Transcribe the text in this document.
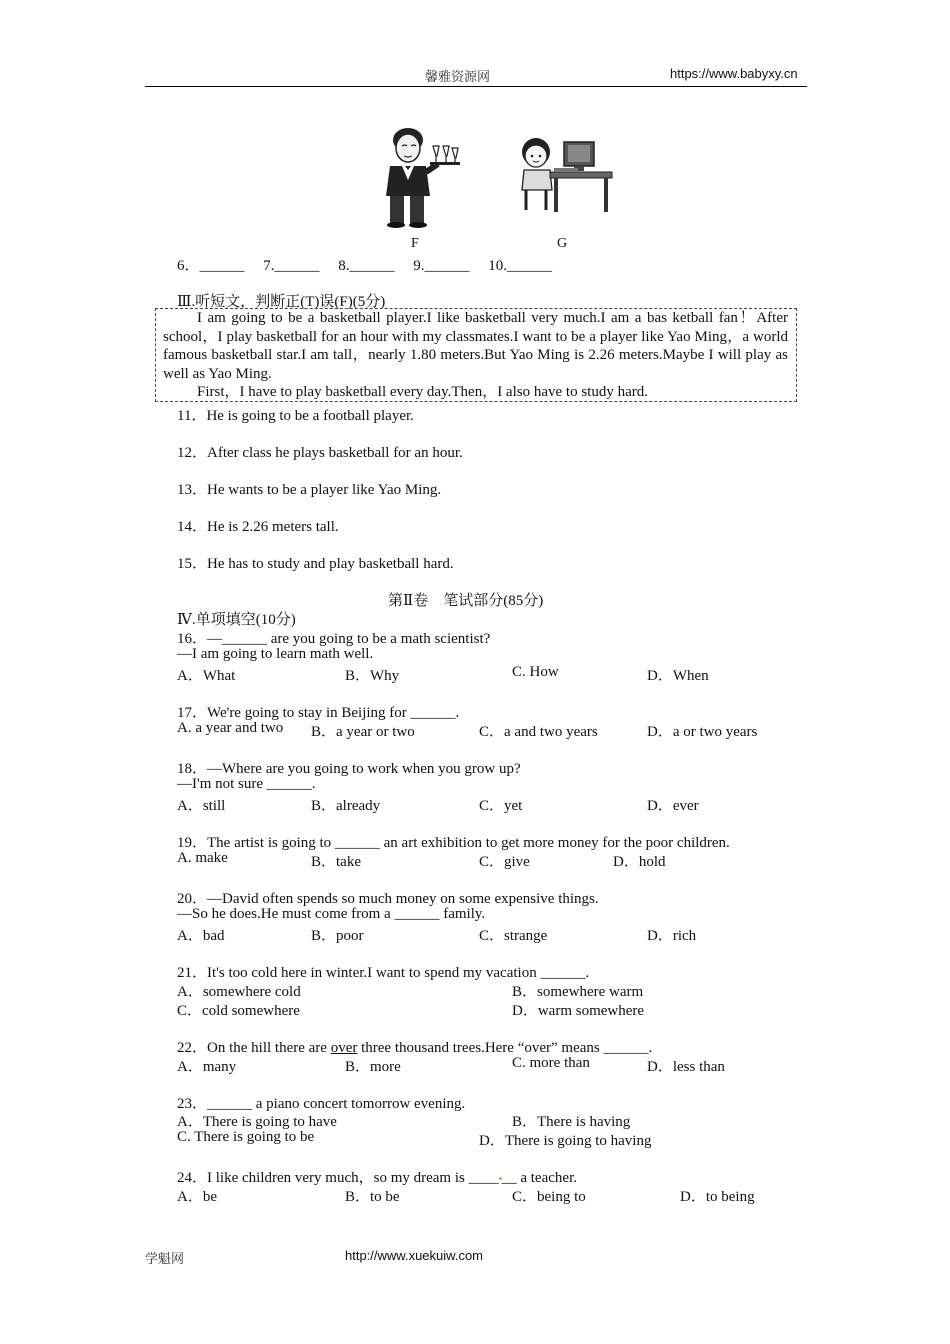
馨雅资源网	https://www.babyxy.cn
F	G
6．______ 7.______ 8.______ 9.______ 10.______
Ⅲ.听短文，判断正(T)误(F)(5分)

I am going to be a basketball player.I like basketball very much.I am a bas ketball fan！After school，I play basketball for an hour with my classmates.I want to be a player like Yao Ming，a world famous basketball star.I am tall，nearly 1.80 meters.But Yao Ming is 2.26 meters.Maybe I will play as well as Yao Ming.

First，I have to play basketball every day.Then，I also have to study hard.

11．He is going to be a football player.
12．After class he plays basketball for an hour.
13．He wants to be a player like Yao Ming.
14．He is 2.26 meters tall.
15．He has to study and play basketball hard.
第Ⅱ卷　笔试部分(85分)
Ⅳ.单项填空(10分)
16．—______ are you going to be a math scientist?
—I am going to learn math well.
A．What	B．Why	C. How	D．When
17．We're going to stay in Beijing for ______.
A. a year and two B．a year or two	C．a and two years	D．a or two years
18．—Where are you going to work when you grow up?
—I'm not sure ______.
A．still	B．already	C．yet	D．ever
19．The artist is going to ______ an art exhibition to get more money for the poor children.
A. make	B．take	C．give	D．hold
20．—David often spends so much money on some expensive things.
—So he does.He must come from a ______ family.
A．bad	B．poor	C．strange	D．rich
21．It's too cold here in winter.I want to spend my vacation ______.
A．somewhere cold	B．somewhere warm
C．cold somewhere	D．warm somewhere
22．On the hill there are over three thousand trees.Here “over” means ______.
A．many	B．more	C. more than	D．less than
23．______ a piano concert tomorrow evening.
A．There is going to have	B．There is having
C. There is going to be	D．There is going to having
24．I like children very much，so my dream is ____ __ a teacher.
A．be	B．to be	C．being to	D．to being
学魁网	http://www.xuekuiw.com
